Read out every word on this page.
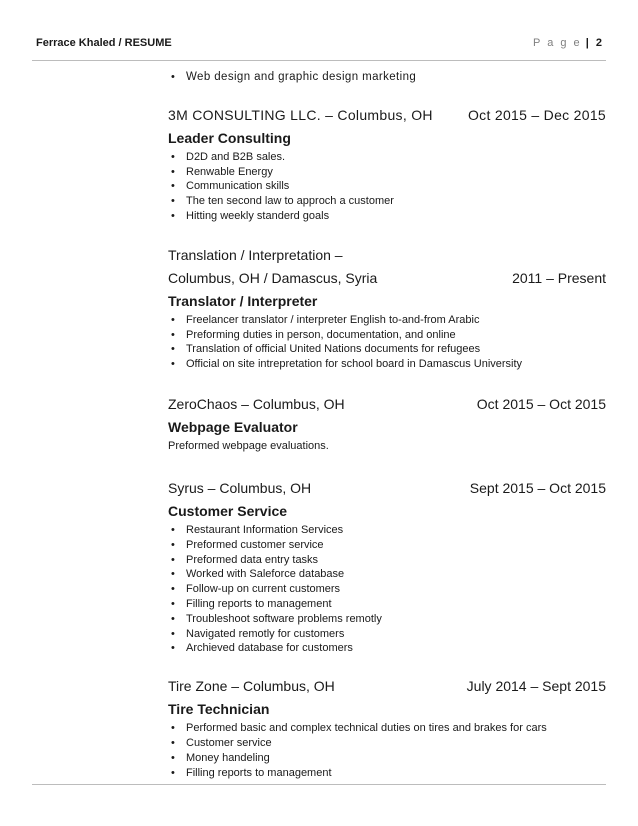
Ferrace Khaled / RESUME	P a g e | 2
• Web design and graphic design marketing
3M CONSULTING LLC. – Columbus, OH	Oct 2015 – Dec 2015
Leader Consulting
• D2D and B2B sales.
• Renwable Energy
• Communication skills
• The ten second law to approch a customer
• Hitting weekly standerd goals
Translation / Interpretation –
Columbus, OH / Damascus, Syria	2011 – Present
Translator / Interpreter
• Freelancer translator / interpreter English to-and-from Arabic
• Preforming duties in person, documentation, and online
• Translation of official United Nations documents for refugees
• Official on site intrepretation for school board in Damascus University
ZeroChaos – Columbus, OH	Oct 2015 – Oct 2015
Webpage Evaluator
Preformed webpage evaluations.
Syrus – Columbus, OH	Sept 2015 – Oct 2015
Customer Service
• Restaurant Information Services
• Preformed customer service
• Preformed data entry tasks
• Worked with Saleforce database
• Follow-up on current customers
• Filling reports to management
• Troubleshoot software problems remotly
• Navigated remotly for customers
• Archieved database for customers
Tire Zone – Columbus, OH	July 2014 – Sept 2015
Tire Technician
• Performed basic and complex technical duties on tires and brakes for cars
• Customer service
• Money handeling
• Filling reports to management
